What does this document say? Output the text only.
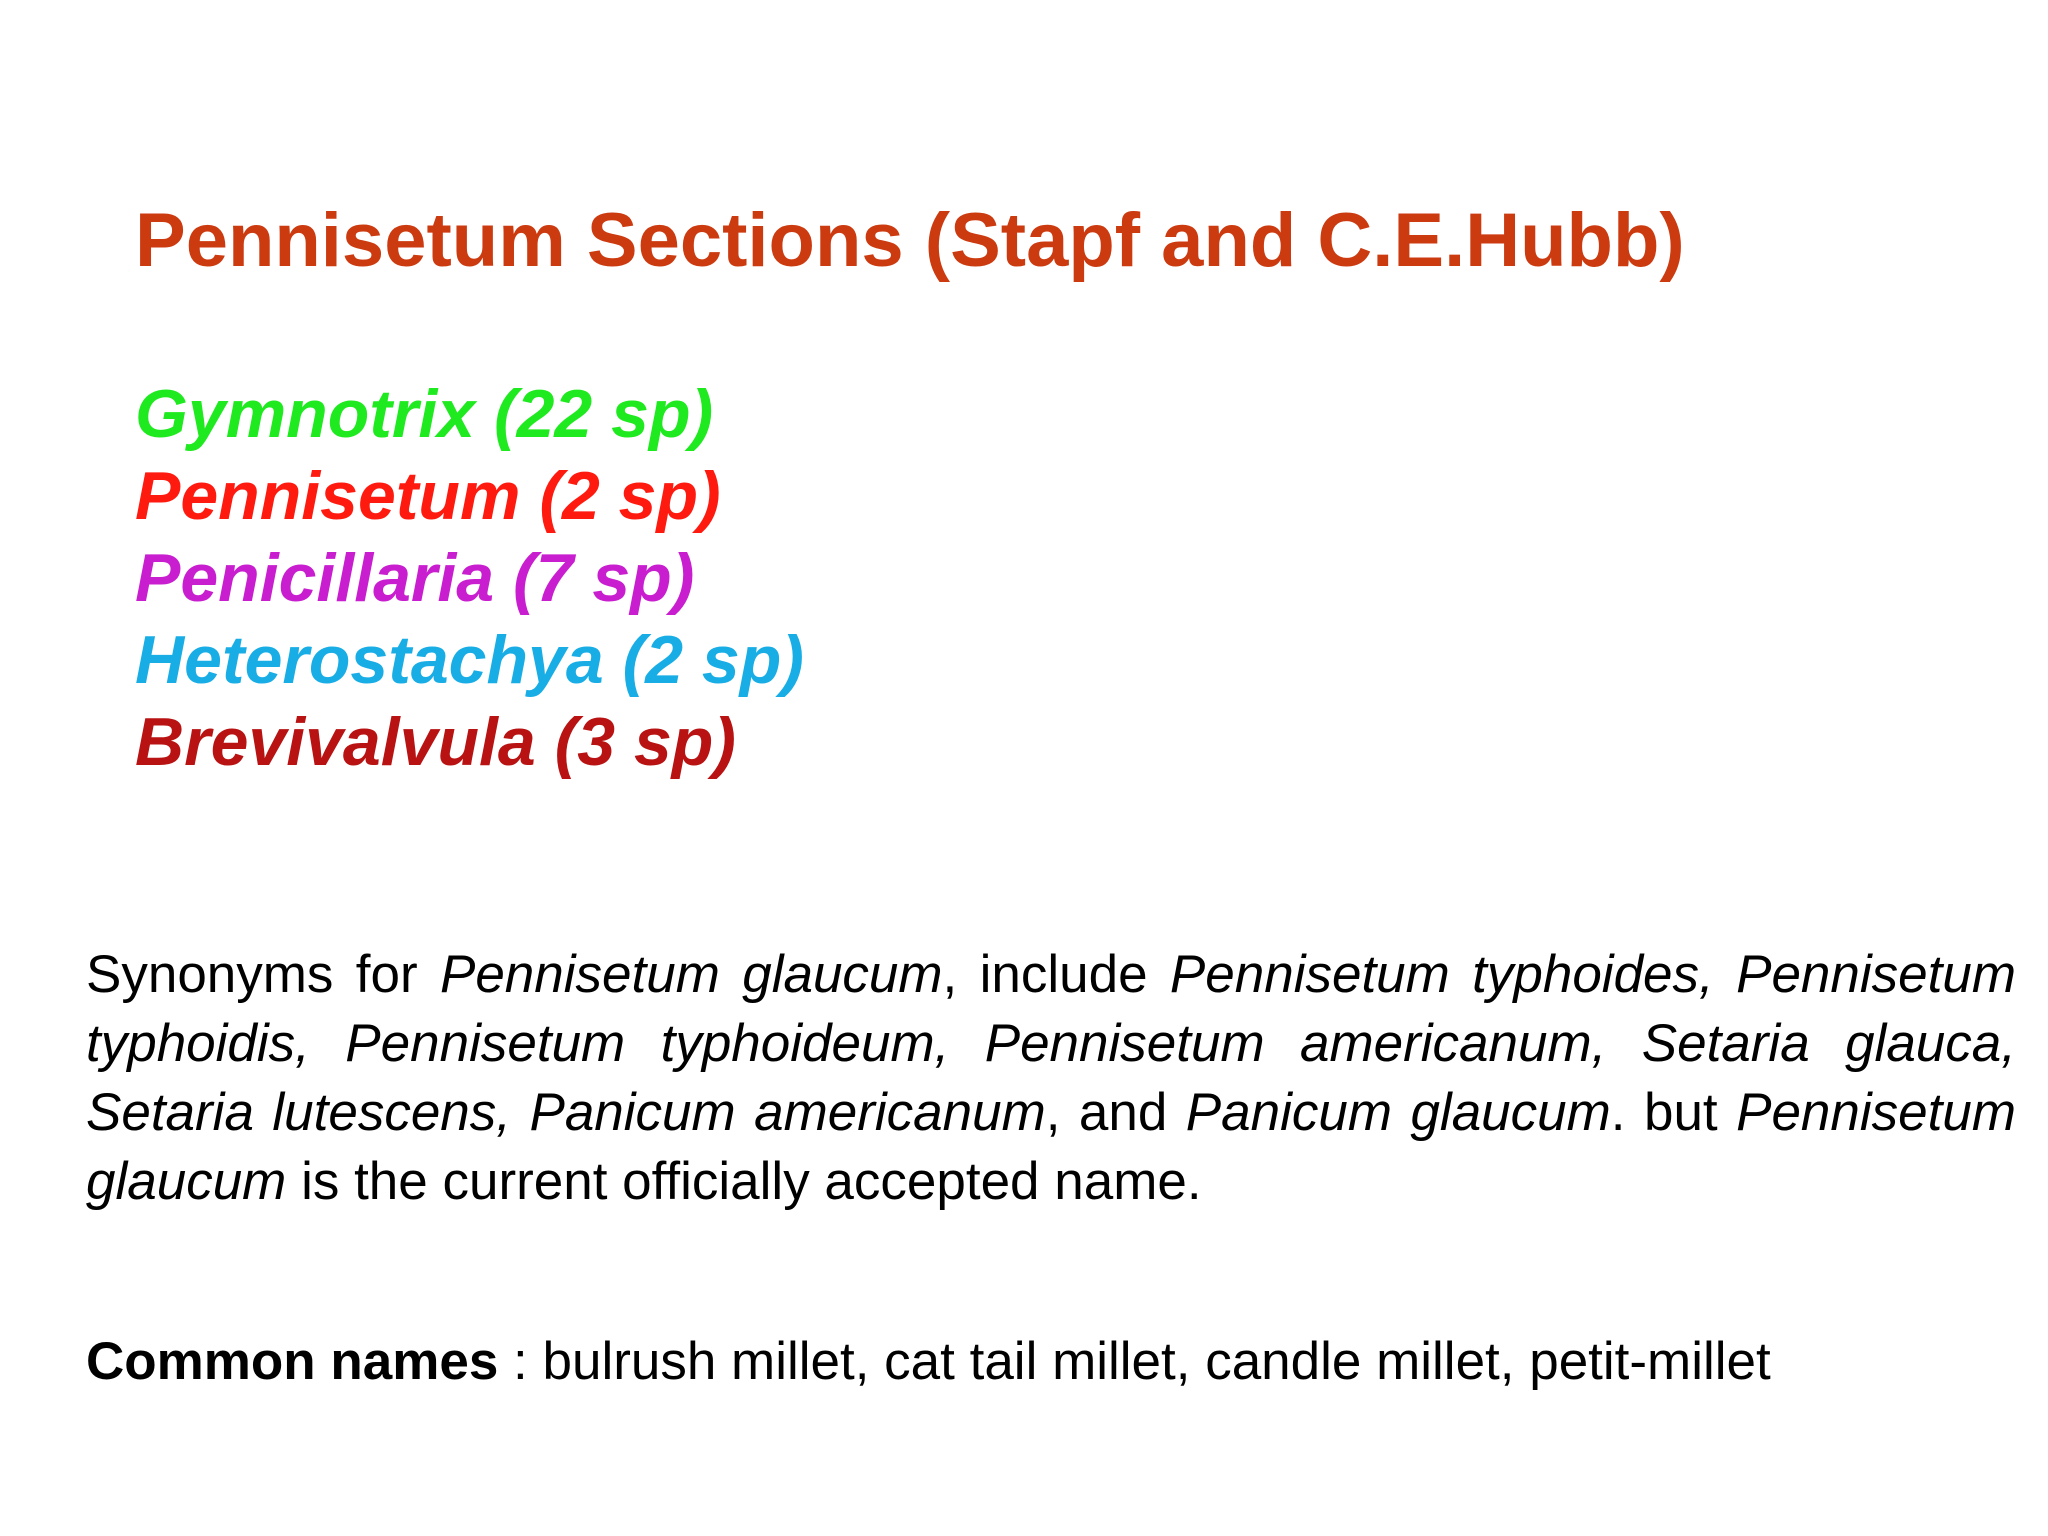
Pennisetum Sections (Stapf and C.E.Hubb)
Gymnotrix (22 sp)
Pennisetum (2 sp)
Penicillaria (7 sp)
Heterostachya (2 sp)
Brevivalvula (3 sp)

Synonyms for Pennisetum glaucum, include Pennisetum typhoides, Pennisetum typhoidis, Pennisetum typhoideum, Pennisetum americanum, Setaria glauca, Setaria lutescens, Panicum americanum, and Panicum glaucum. but Pennisetum glaucum is the current officially accepted name.

Common names : bulrush millet, cat tail millet, candle millet, petit-millet
